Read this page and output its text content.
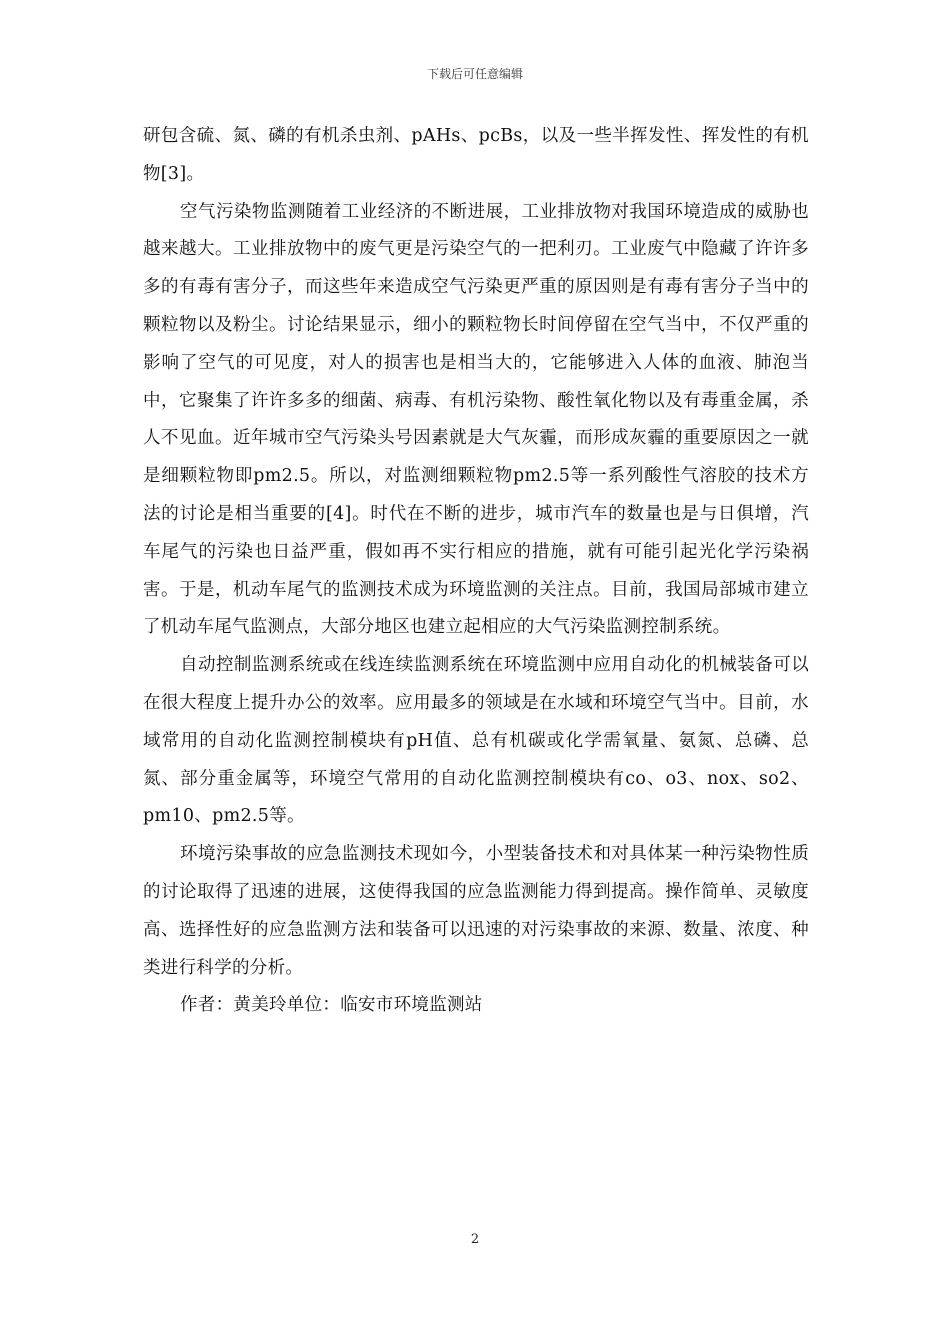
下载后可任意编辑

研包含硫、氮、磷的有机杀虫剂、pAHs、pcBs，以及一些半挥发性、挥发性的有机物[3]。

空气污染物监测随着工业经济的不断进展，工业排放物对我国环境造成的威胁也越来越大。工业排放物中的废气更是污染空气的一把利刃。工业废气中隐藏了许许多多的有毒有害分子，而这些年来造成空气污染更严重的原因则是有毒有害分子当中的颗粒物以及粉尘。讨论结果显示，细小的颗粒物长时间停留在空气当中，不仅严重的影响了空气的可见度，对人的损害也是相当大的，它能够进入人体的血液、肺泡当中，它聚集了许许多多的细菌、病毒、有机污染物、酸性氧化物以及有毒重金属，杀人不见血。近年城市空气污染头号因素就是大气灰霾，而形成灰霾的重要原因之一就是细颗粒物即pm2.5。所以，对监测细颗粒物pm2.5等一系列酸性气溶胶的技术方法的讨论是相当重要的[4]。时代在不断的进步，城市汽车的数量也是与日俱增，汽车尾气的污染也日益严重，假如再不实行相应的措施，就有可能引起光化学污染祸害。于是，机动车尾气的监测技术成为环境监测的关注点。目前，我国局部城市建立了机动车尾气监测点，大部分地区也建立起相应的大气污染监测控制系统。

自动控制监测系统或在线连续监测系统在环境监测中应用自动化的机械装备可以在很大程度上提升办公的效率。应用最多的领域是在水域和环境空气当中。目前，水域常用的自动化监测控制模块有pH值、总有机碳或化学需氧量、氨氮、总磷、总氮、部分重金属等，环境空气常用的自动化监测控制模块有co、o3、nox、so2、pm10、pm2.5等。

环境污染事故的应急监测技术现如今，小型装备技术和对具体某一种污染物性质的讨论取得了迅速的进展，这使得我国的应急监测能力得到提高。操作简单、灵敏度高、选择性好的应急监测方法和装备可以迅速的对污染事故的来源、数量、浓度、种类进行科学的分析。

作者：黄美玲单位：临安市环境监测站

2
